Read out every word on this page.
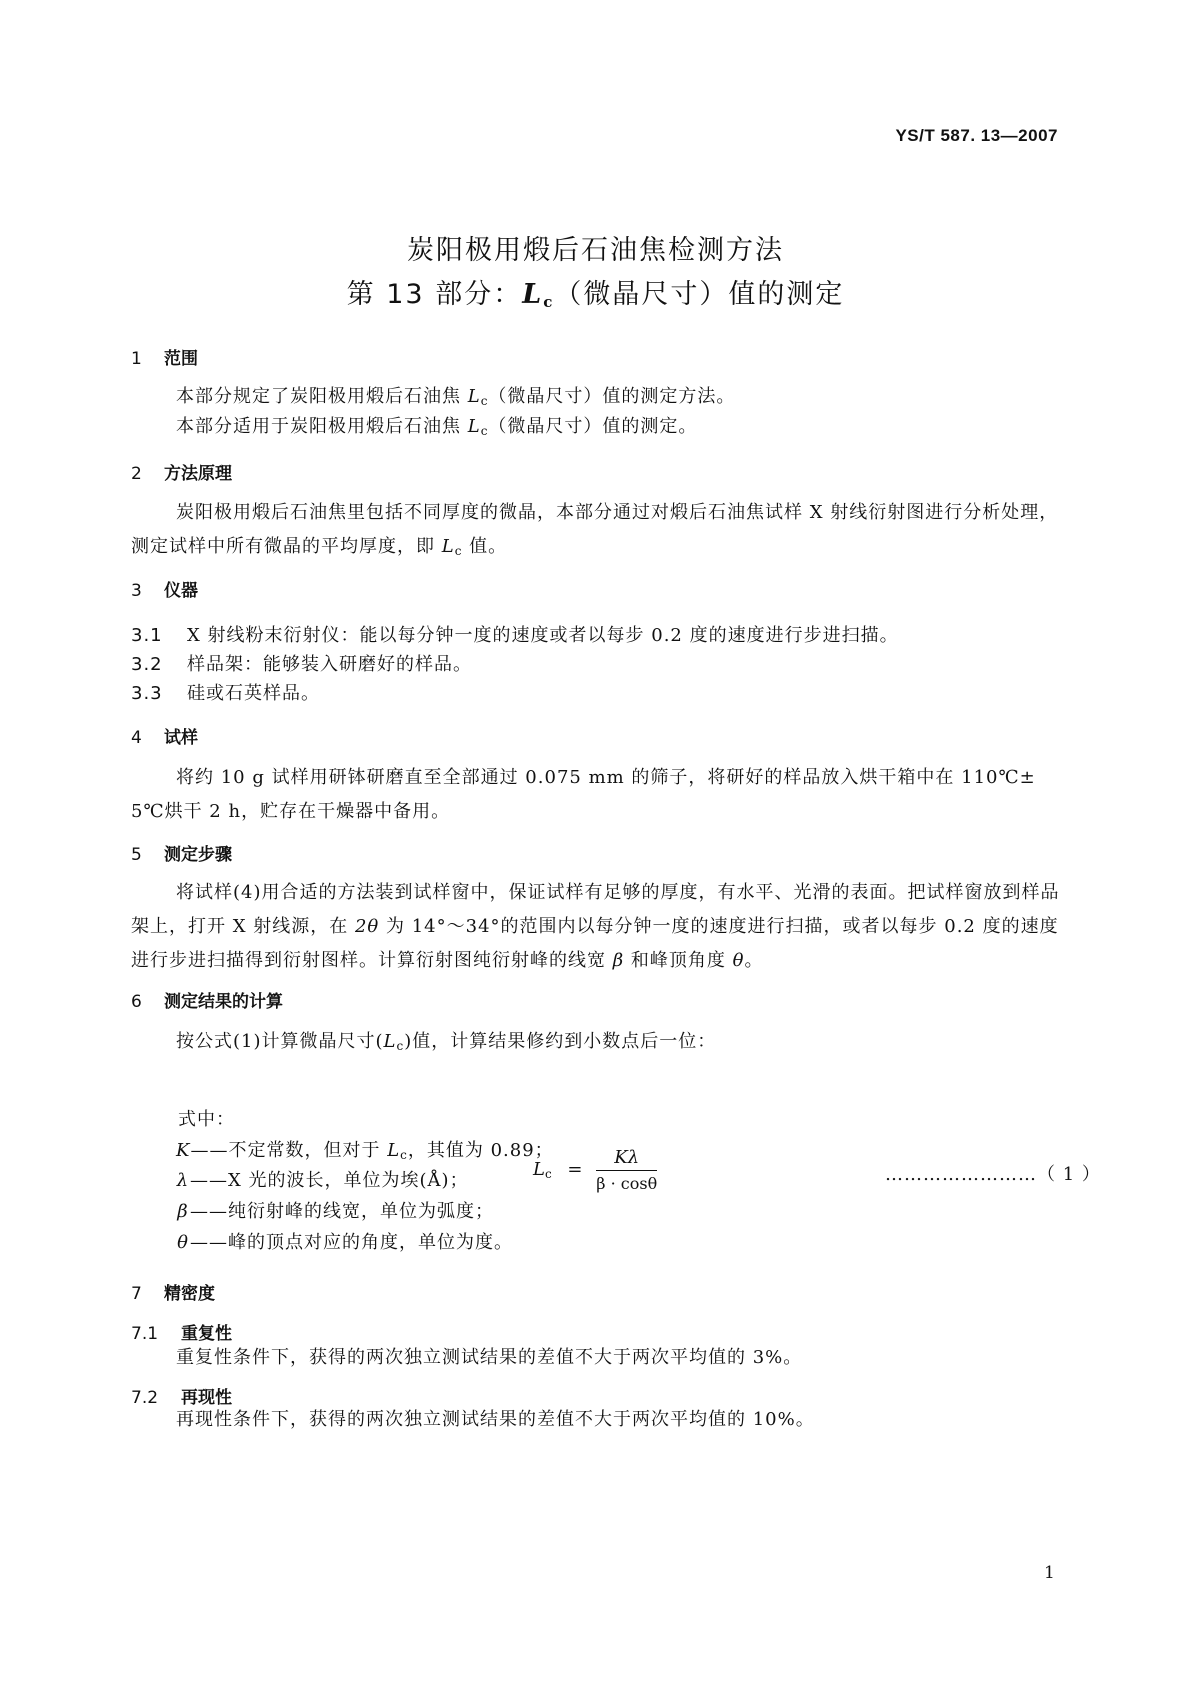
YS/T 587. 13—2007
炭阳极用煅后石油焦检测方法
第 13 部分：$L_c$（微晶尺寸）值的测定
1 范围
本部分规定了炭阳极用煅后石油焦 Lc（微晶尺寸）值的测定方法。
本部分适用于炭阳极用煅后石油焦 Lc（微晶尺寸）值的测定。
2 方法原理
炭阳极用煅后石油焦里包括不同厚度的微晶，本部分通过对煅后石油焦试样 X 射线衍射图进行分析处理，测定试样中所有微晶的平均厚度，即 Lc 值。
3 仪器
3.1 X 射线粉末衍射仪：能以每分钟一度的速度或者以每步 0.2 度的速度进行步进扫描。
3.2 样品架：能够装入研磨好的样品。
3.3 硅或石英样品。
4 试样
将约 10 g 试样用研钵研磨直至全部通过 0.075 mm 的筛子，将研好的样品放入烘干箱中在 110℃± 5℃烘干 2 h，贮存在干燥器中备用。
5 测定步骤
将试样(4)用合适的方法装到试样窗中，保证试样有足够的厚度，有水平、光滑的表面。把试样窗放到样品架上，打开 X 射线源，在 2θ 为 14°～34°的范围内以每分钟一度的速度进行扫描，或者以每步 0.2 度的速度进行步进扫描得到衍射图样。计算衍射图纯衍射峰的线宽 β 和峰顶角度 θ。
6 测定结果的计算
按公式(1)计算微晶尺寸(Lc)值，计算结果修约到小数点后一位：
$Lc = \frac{K\lambda}{\beta \cdot \cos\theta}$	……………………（ 1 ）
式中：
K——不定常数，但对于 Lc，其值为 0.89；
λ——X 光的波长，单位为埃(Å)；
β——纯衍射峰的线宽，单位为弧度；
θ——峰的顶点对应的角度，单位为度。
7 精密度
7.1 重复性
重复性条件下，获得的两次独立测试结果的差值不大于两次平均值的 3%。
7.2 再现性
再现性条件下，获得的两次独立测试结果的差值不大于两次平均值的 10%。
1
